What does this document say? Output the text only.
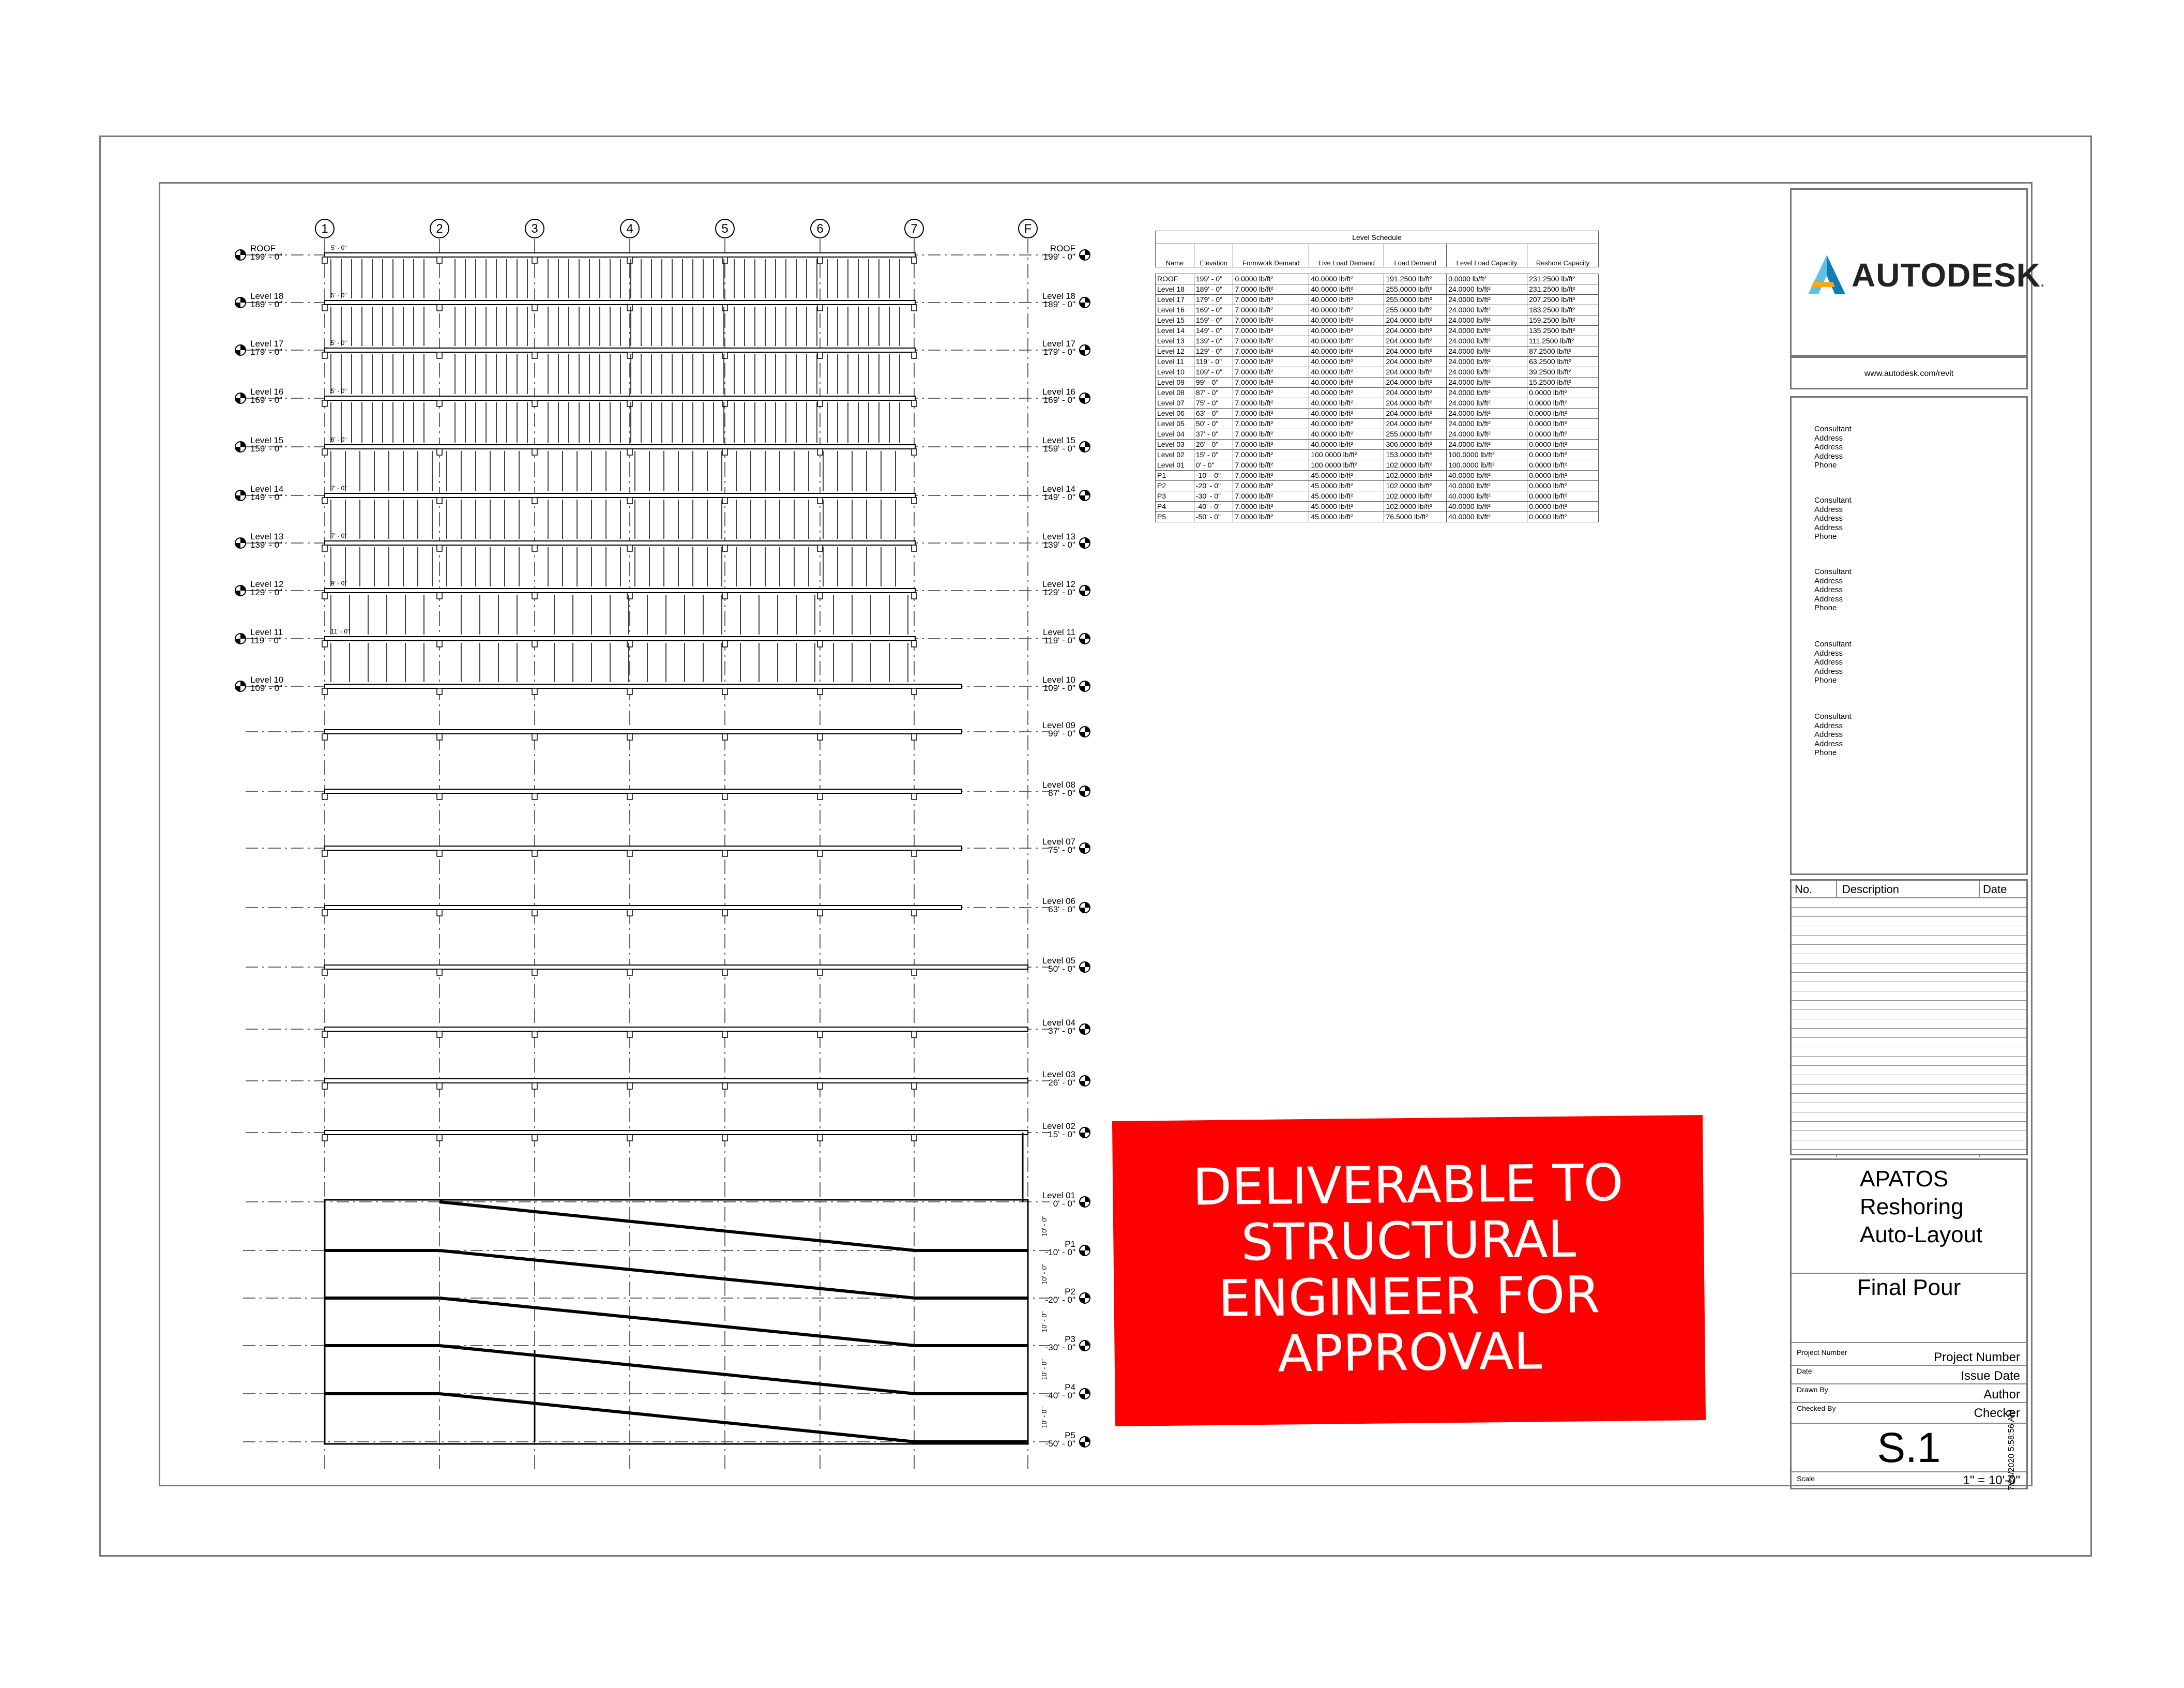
1	2	3	4	5	6	7	F
ROOF
199' - 0"
ROOF
199' - 0"
Level 18
189' - 0"
Level 18
189' - 0"
Level 17
179' - 0"
Level 17
179' - 0"
Level 16
169' - 0"
Level 16
169' - 0"
Level 15
159' - 0"
Level 15
159' - 0"
Level 14
149' - 0"
Level 14
149' - 0"
Level 13
139' - 0"
Level 13
139' - 0"
Level 12
129' - 0"
Level 12
129' - 0"
Level 11
119' - 0"
Level 11
119' - 0"
Level 10
109' - 0"
Level 10
109' - 0"
Level 09
99' - 0"
Level 08
87' - 0"
Level 07
75' - 0"
Level 06
63' - 0"
Level 05
50' - 0"
Level 04
37' - 0"
Level 03
26' - 0"
Level 02
15' - 0"
Level 01
0' - 0"
P1
-10' - 0"
P2
-20' - 0"
P3
-30' - 0"
P4
-40' - 0"
P5
-50' - 0"
10' - 0"
10' - 0"
10' - 0"
10' - 0"
10' - 0"
5' - 0"
5' - 0"
5' - 0"
5' - 0"
6' - 0"
7' - 0"
7' - 0"
9' - 0"
11' - 0"
Level Schedule						
Name	Elevation	Formwork Demand	Live Load Demand	Load Demand	Level Load Capacity	Reshore Capacity

ROOF	199' - 0"	0.0000 lb/ft²	40.0000 lb/ft²	191.2500 lb/ft²	0.0000 lb/ft²	231.2500 lb/ft²
Level 18	189' - 0"	7.0000 lb/ft²	40.0000 lb/ft²	255.0000 lb/ft²	24.0000 lb/ft²	231.2500 lb/ft²
Level 17	179' - 0"	7.0000 lb/ft²	40.0000 lb/ft²	255.0000 lb/ft²	24.0000 lb/ft²	207.2500 lb/ft²
Level 16	169' - 0"	7.0000 lb/ft²	40.0000 lb/ft²	255.0000 lb/ft²	24.0000 lb/ft²	183.2500 lb/ft²
Level 15	159' - 0"	7.0000 lb/ft²	40.0000 lb/ft²	204.0000 lb/ft²	24.0000 lb/ft²	159.2500 lb/ft²
Level 14	149' - 0"	7.0000 lb/ft²	40.0000 lb/ft²	204.0000 lb/ft²	24.0000 lb/ft²	135.2500 lb/ft²
Level 13	139' - 0"	7.0000 lb/ft²	40.0000 lb/ft²	204.0000 lb/ft²	24.0000 lb/ft²	111.2500 lb/ft²
Level 12	129' - 0"	7.0000 lb/ft²	40.0000 lb/ft²	204.0000 lb/ft²	24.0000 lb/ft²	87.2500 lb/ft²
Level 11	119' - 0"	7.0000 lb/ft²	40.0000 lb/ft²	204.0000 lb/ft²	24.0000 lb/ft²	63.2500 lb/ft²
Level 10	109' - 0"	7.0000 lb/ft²	40.0000 lb/ft²	204.0000 lb/ft²	24.0000 lb/ft²	39.2500 lb/ft²
Level 09	99' - 0"	7.0000 lb/ft²	40.0000 lb/ft²	204.0000 lb/ft²	24.0000 lb/ft²	15.2500 lb/ft²
Level 08	87' - 0"	7.0000 lb/ft²	40.0000 lb/ft²	204.0000 lb/ft²	24.0000 lb/ft²	0.0000 lb/ft²
Level 07	75' - 0"	7.0000 lb/ft²	40.0000 lb/ft²	204.0000 lb/ft²	24.0000 lb/ft²	0.0000 lb/ft²
Level 06	63' - 0"	7.0000 lb/ft²	40.0000 lb/ft²	204.0000 lb/ft²	24.0000 lb/ft²	0.0000 lb/ft²
Level 05	50' - 0"	7.0000 lb/ft²	40.0000 lb/ft²	204.0000 lb/ft²	24.0000 lb/ft²	0.0000 lb/ft²
Level 04	37' - 0"	7.0000 lb/ft²	40.0000 lb/ft²	255.0000 lb/ft²	24.0000 lb/ft²	0.0000 lb/ft²
Level 03	26' - 0"	7.0000 lb/ft²	40.0000 lb/ft²	306.0000 lb/ft²	24.0000 lb/ft²	0.0000 lb/ft²
Level 02	15' - 0"	7.0000 lb/ft²	100.0000 lb/ft²	153.0000 lb/ft²	100.0000 lb/ft²	0.0000 lb/ft²
Level 01	0' - 0"	7.0000 lb/ft²	100.0000 lb/ft²	102.0000 lb/ft²	100.0000 lb/ft²	0.0000 lb/ft²
P1	-10' - 0"	7.0000 lb/ft²	45.0000 lb/ft²	102.0000 lb/ft²	40.0000 lb/ft²	0.0000 lb/ft²
P2	-20' - 0"	7.0000 lb/ft²	45.0000 lb/ft²	102.0000 lb/ft²	40.0000 lb/ft²	0.0000 lb/ft²
P3	-30' - 0"	7.0000 lb/ft²	45.0000 lb/ft²	102.0000 lb/ft²	40.0000 lb/ft²	0.0000 lb/ft²
P4	-40' - 0"	7.0000 lb/ft²	45.0000 lb/ft²	102.0000 lb/ft²	40.0000 lb/ft²	0.0000 lb/ft²
P5	-50' - 0"	7.0000 lb/ft²	45.0000 lb/ft²	76.5000 lb/ft²	40.0000 lb/ft²	0.0000 lb/ft²
AUTODESK.
www.autodesk.com/revit
Consultant
Address
Address
Address
Phone
Consultant
Address
Address
Address
Phone
Consultant
Address
Address
Address
Phone
Consultant
Address
Address
Address
Phone
Consultant
Address
Address
Address
Phone
No.	Description	Date
APATOS
Reshoring
Auto-Layout
Final Pour
Project Number	Project Number
Date	Issue Date
Drawn By	Author
Checked By	Checker
S.1
Scale	1" = 10'-0"
7/24/2020 5:58:56 AM
DELIVERABLE TO
STRUCTURAL
ENGINEER FOR
APPROVAL
